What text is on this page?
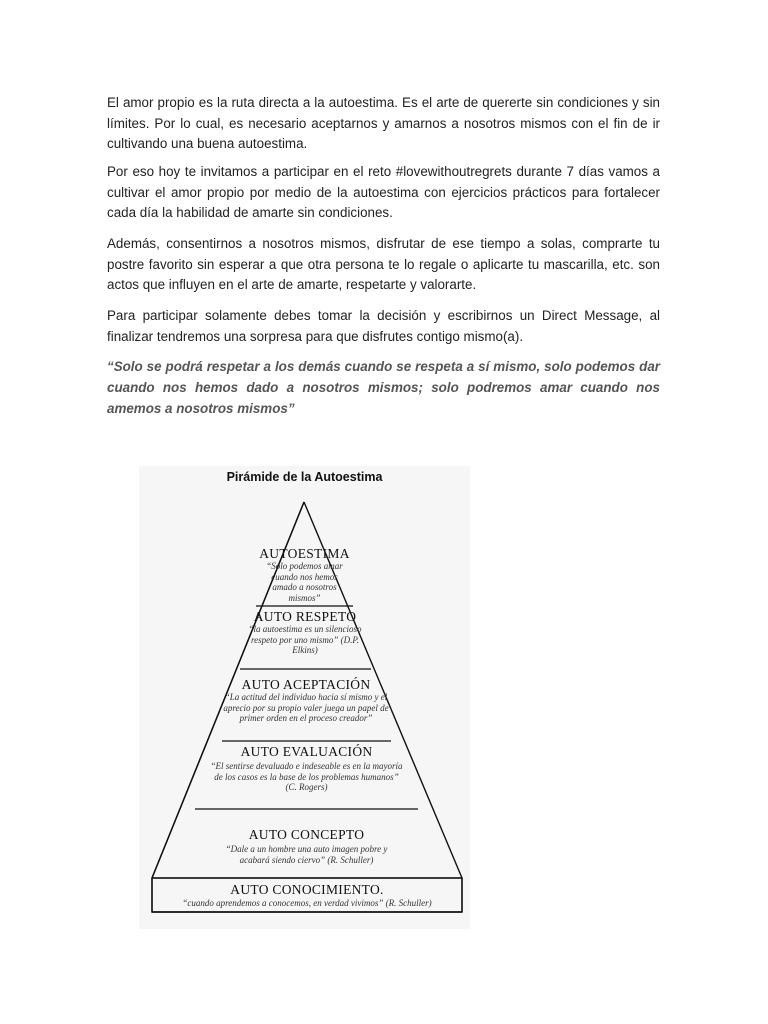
El amor propio es la ruta directa a la autoestima. Es el arte de quererte sin condiciones y sin límites. Por lo cual, es necesario aceptarnos y amarnos a nosotros mismos con el fin de ir cultivando una buena autoestima.

Por eso hoy te invitamos a participar en el reto #lovewithoutregrets durante 7 días vamos a cultivar el amor propio por medio de la autoestima con ejercicios prácticos para fortalecer cada día la habilidad de amarte sin condiciones.

Además, consentirnos a nosotros mismos, disfrutar de ese tiempo a solas, comprarte tu postre favorito sin esperar a que otra persona te lo regale o aplicarte tu mascarilla, etc. son actos que influyen en el arte de amarte, respetarte y valorarte.

Para participar solamente debes tomar la decisión y escribirnos un Direct Message, al finalizar tendremos una sorpresa para que disfrutes contigo mismo(a).

“Solo se podrá respetar a los demás cuando se respeta a sí mismo, solo podemos dar cuando nos hemos dado a nosotros mismos; solo podremos amar cuando nos amemos a nosotros mismos”

Pirámide de la Autoestima
AUTOESTIMA
“Solo podemos amar cuando nos hemos amado a nosotros mismos”
AUTO RESPETO
“la autoestima es un silencioso respeto por uno mismo” (D.P. Elkins)
AUTO ACEPTACIÓN
“La actitud del individuo hacia sí mismo y el aprecio por su propio valer juega un papel de primer orden en el proceso creador”
AUTO EVALUACIÓN
“El sentirse devaluado e indeseable es en la mayoría de los casos es la base de los problemas humanos” (C. Rogers)
AUTO CONCEPTO
“Dale a un hombre una auto imagen pobre y acabará siendo ciervo” (R. Schuller)
AUTO CONOCIMIENTO.
“cuando aprendemos a conocemos, en verdad vivimos” (R. Schuller)
